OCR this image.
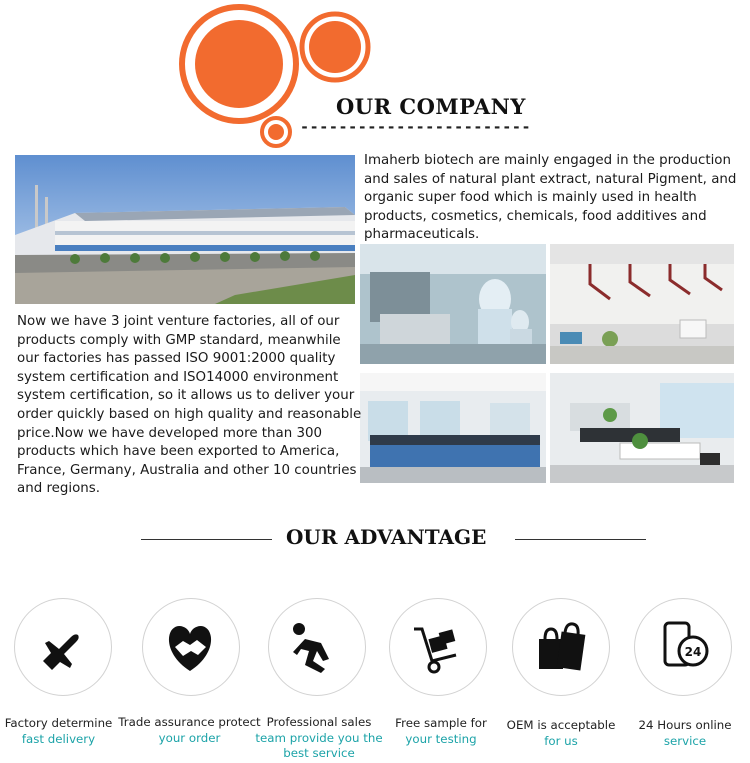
OUR COMPANY
------------------------
Imaherb biotech are mainly engaged in the production and sales of natural plant extract, natural Pigment, and organic super food which is mainly used in health products, cosmetics, chemicals, food additives and pharmaceuticals.
Now we have 3 joint venture factories, all of our products comply with GMP standard, meanwhile our factories has passed ISO 9001:2000 quality system certification and ISO14000 environment system certification, so it allows us to deliver your order quickly based on high quality and reasonable price.Now we have developed more than 300 products which have been exported to America, France, Germany, Australia and other 10 countries and regions.
OUR ADVANTAGE
24
Factory determine
fast delivery
Trade assurance protect
your order
Professional sales
team provide you the
best service
Free sample for
your testing
OEM is acceptable
for us
24 Hours online
service
